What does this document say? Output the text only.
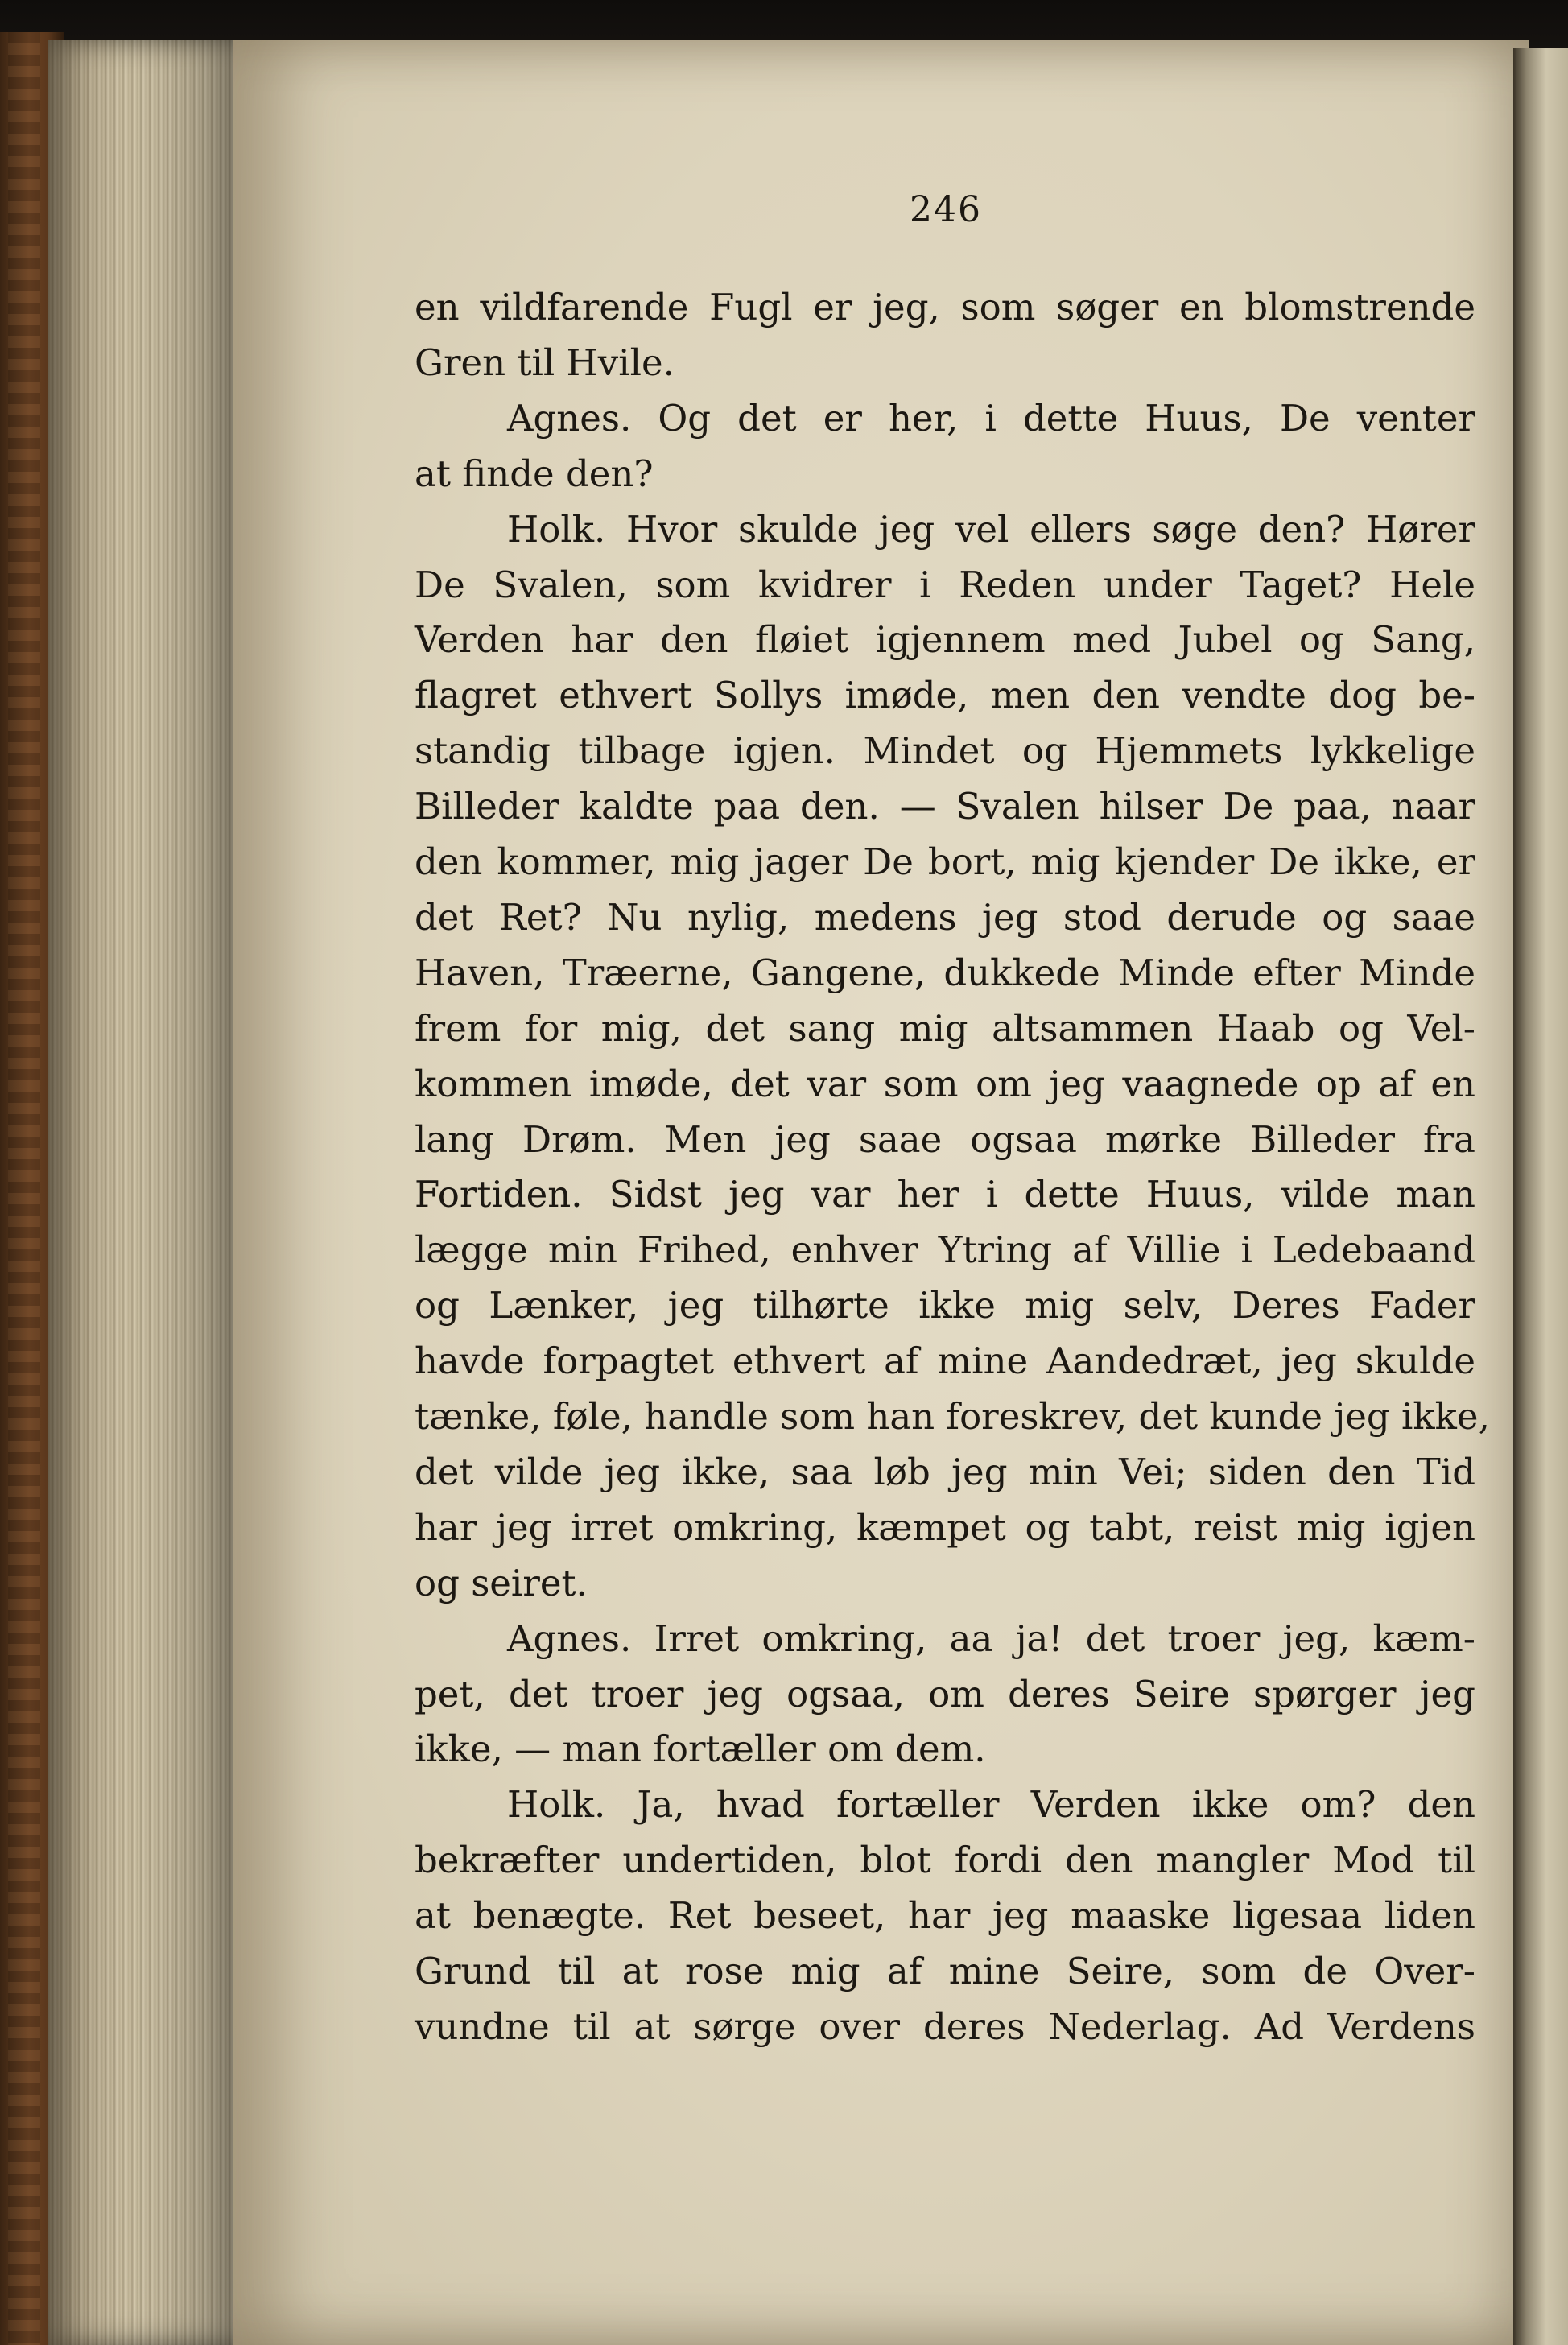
246
en vildfarende Fugl er jeg, som søger en blomstrende
Gren til Hvile.
Agnes. Og det er her, i dette Huus, De venter
at finde den?
Holk. Hvor skulde jeg vel ellers søge den? Hører
De Svalen, som kvidrer i Reden under Taget? Hele
Verden har den fløiet igjennem med Jubel og Sang,
flagret ethvert Sollys imøde, men den vendte dog be-
standig tilbage igjen. Mindet og Hjemmets lykkelige
Billeder kaldte paa den. — Svalen hilser De paa, naar
den kommer, mig jager De bort, mig kjender De ikke, er
det Ret? Nu nylig, medens jeg stod derude og saae
Haven, Træerne, Gangene, dukkede Minde efter Minde
frem for mig, det sang mig altsammen Haab og Vel-
kommen imøde, det var som om jeg vaagnede op af en
lang Drøm. Men jeg saae ogsaa mørke Billeder fra
Fortiden. Sidst jeg var her i dette Huus, vilde man
lægge min Frihed, enhver Ytring af Villie i Ledebaand
og Lænker, jeg tilhørte ikke mig selv, Deres Fader
havde forpagtet ethvert af mine Aandedræt, jeg skulde
tænke, føle, handle som han foreskrev, det kunde jeg ikke,
det vilde jeg ikke, saa løb jeg min Vei; siden den Tid
har jeg irret omkring, kæmpet og tabt, reist mig igjen
og seiret.
Agnes. Irret omkring, aa ja! det troer jeg, kæm-
pet, det troer jeg ogsaa, om deres Seire spørger jeg
ikke, — man fortæller om dem.
Holk. Ja, hvad fortæller Verden ikke om? den
bekræfter undertiden, blot fordi den mangler Mod til
at benægte. Ret beseet, har jeg maaske ligesaa liden
Grund til at rose mig af mine Seire, som de Over-
vundne til at sørge over deres Nederlag. Ad Verdens
